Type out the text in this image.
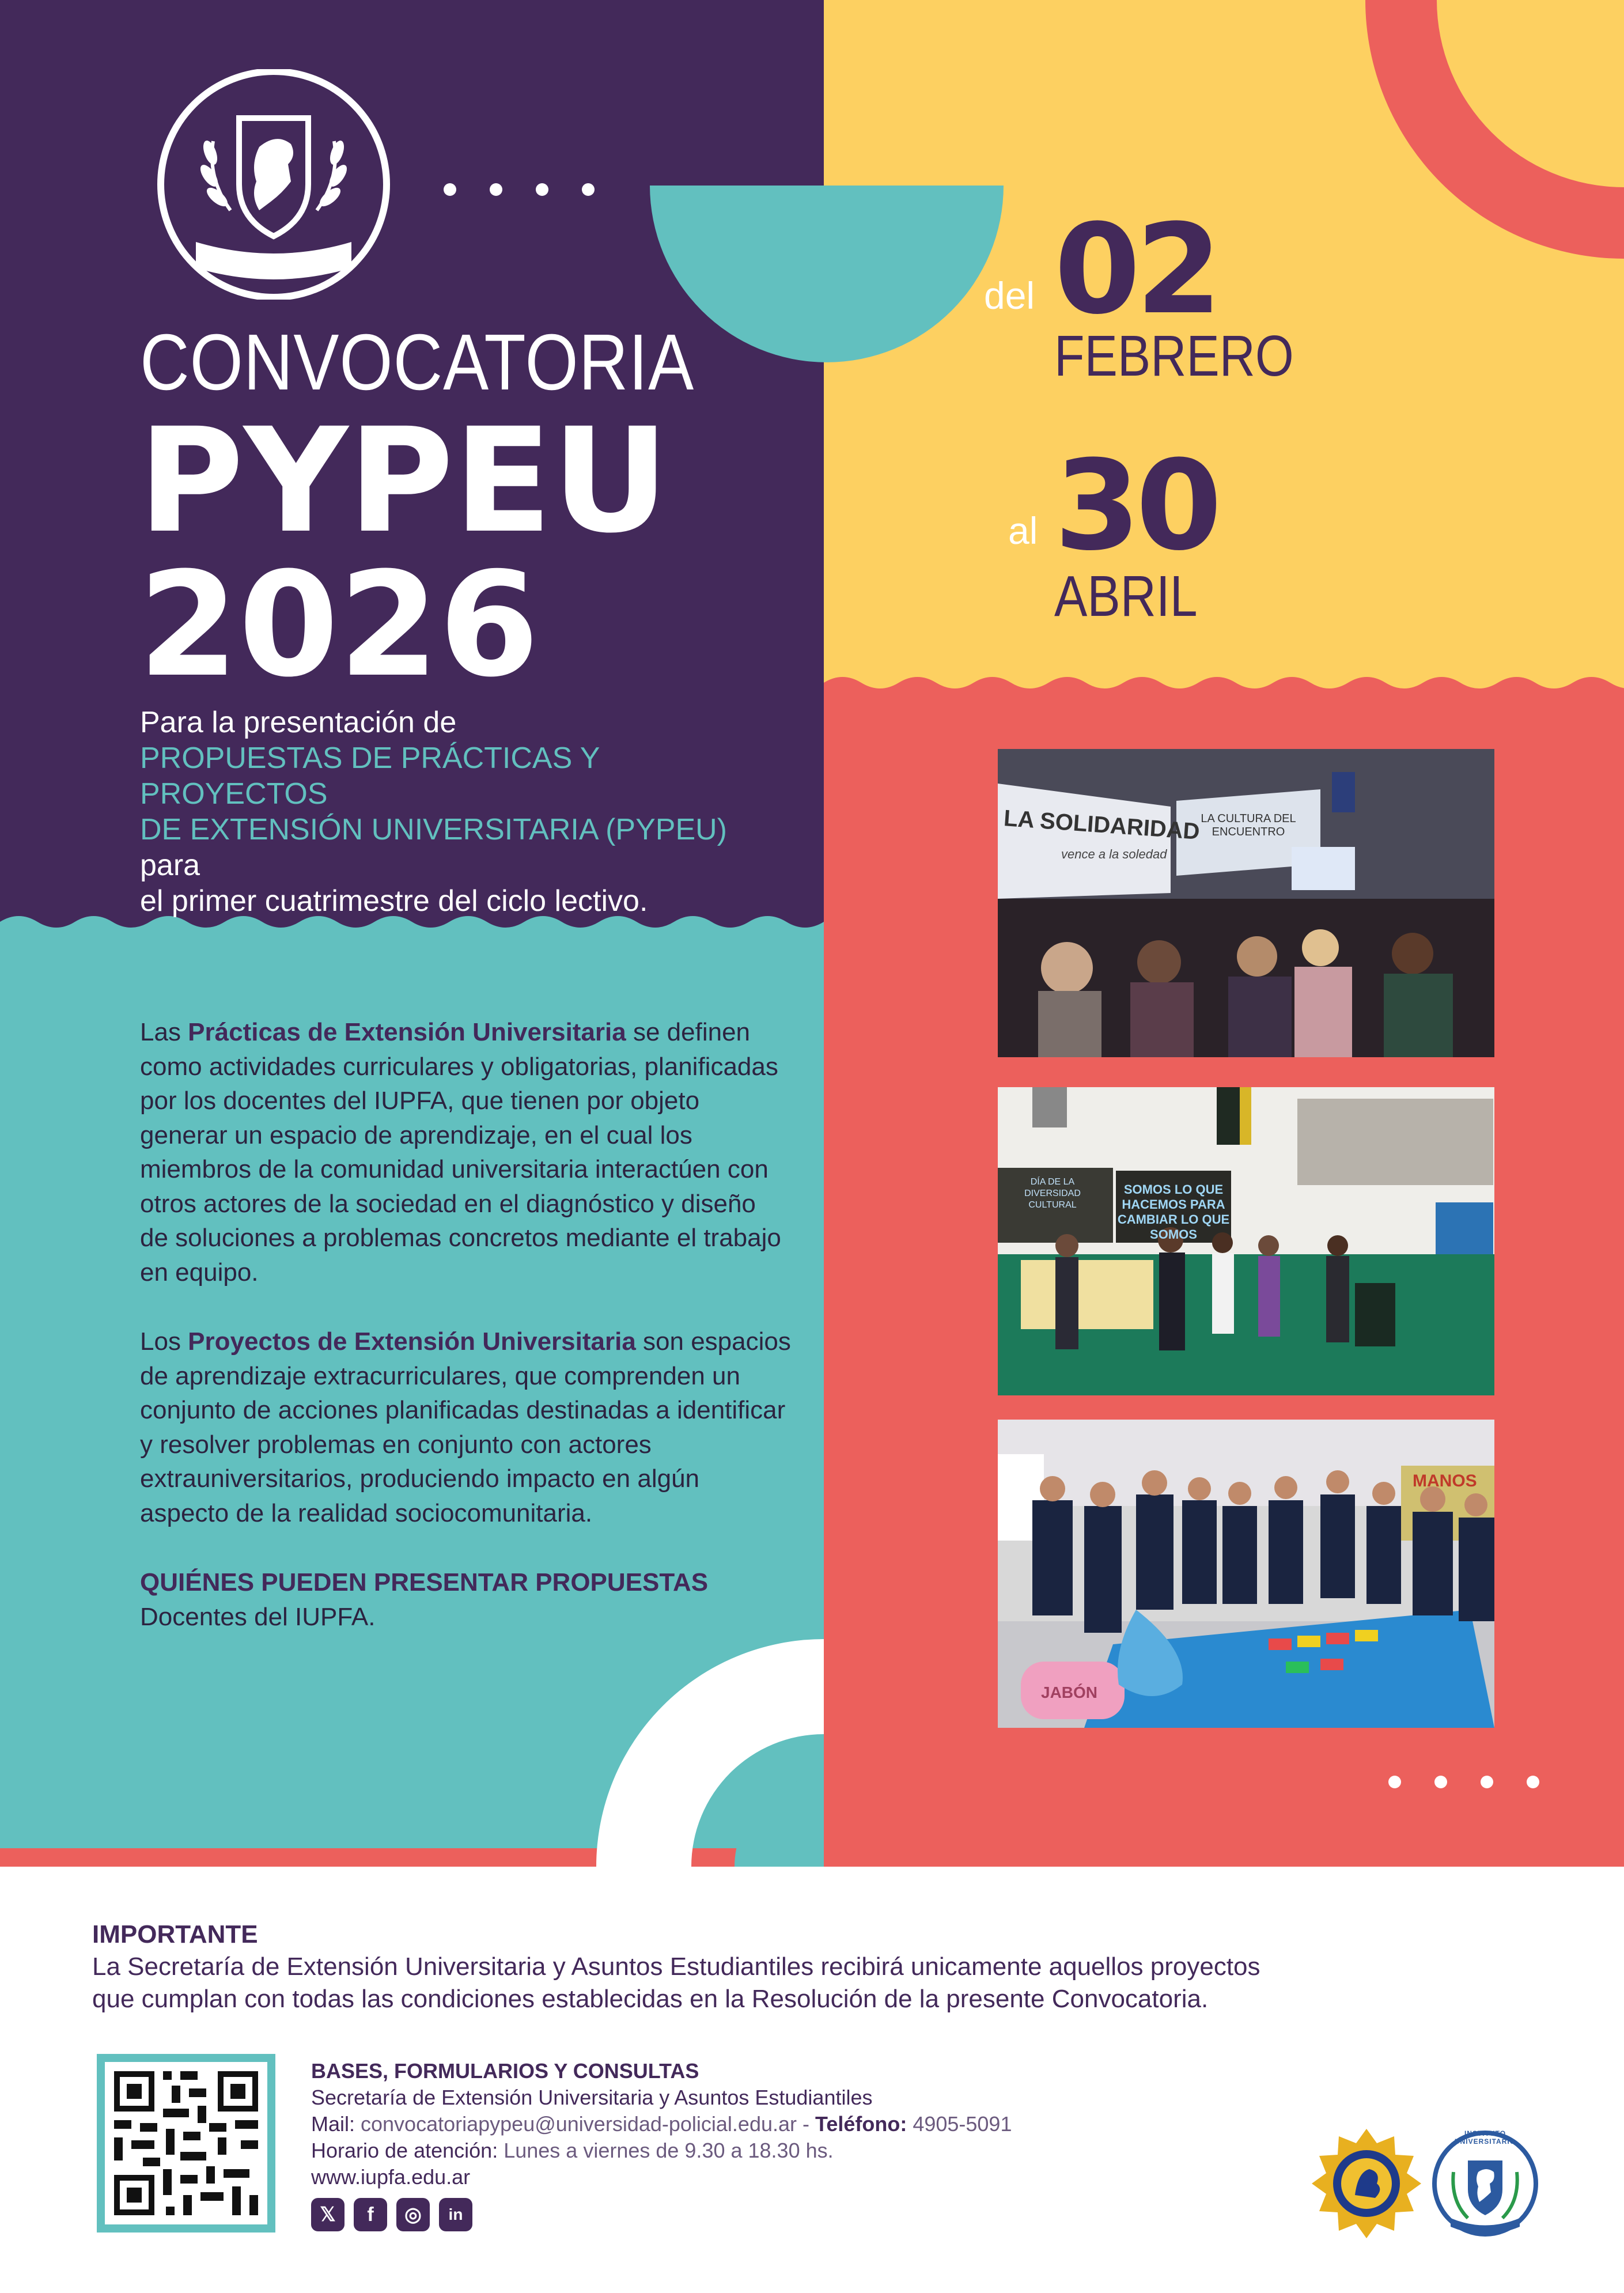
CONVOCATORIA
PYPEU
2026
Para la presentación de
PROPUESTAS DE PRÁCTICAS Y PROYECTOS
DE EXTENSIÓN UNIVERSITARIA (PYPEU) para
el primer cuatrimestre del ciclo lectivo.
del 02
FEBRERO
al 30
ABRIL

Las Prácticas de Extensión Universitaria se definen como actividades curriculares y obligatorias, planificadas por los docentes del IUPFA, que tienen por objeto generar un espacio de aprendizaje, en el cual los miembros de la comunidad universitaria interactúen con otros actores de la sociedad en el diagnóstico y diseño de soluciones a problemas concretos mediante el trabajo en equipo.

Los Proyectos de Extensión Universitaria son espacios de aprendizaje extracurriculares, que comprenden un conjunto de acciones planificadas destinadas a identificar y resolver problemas en conjunto con actores extrauniversitarios, produciendo impacto en algún aspecto de la realidad sociocomunitaria.

QUIÉNES PUEDEN PRESENTAR PROPUESTAS
Docentes del IUPFA.
LA SOLIDARIDAD
vence a la soledad
LA CULTURA DEL ENCUENTRO
SOMOS LO QUE HACEMOS PARA CAMBIAR LO QUE SOMOS
DÍA DE LA DIVERSIDAD CULTURAL
MANOS
JABÓN
IMPORTANTE
La Secretaría de Extensión Universitaria y Asuntos Estudiantiles recibirá unicamente aquellos proyectos
que cumplan con todas las condiciones establecidas en la Resolución de la presente Convocatoria.
BASES, FORMULARIOS Y CONSULTAS
Secretaría de Extensión Universitaria y Asuntos Estudiantiles
Mail: convocatoriapypeu@universidad-policial.edu.ar - Teléfono: 4905-5091
Horario de atención: Lunes a viernes de 9.30 a 18.30 hs.
www.iupfa.edu.ar
𝕏	f	◎	in
INSTITUTO UNIVERSITARIO
